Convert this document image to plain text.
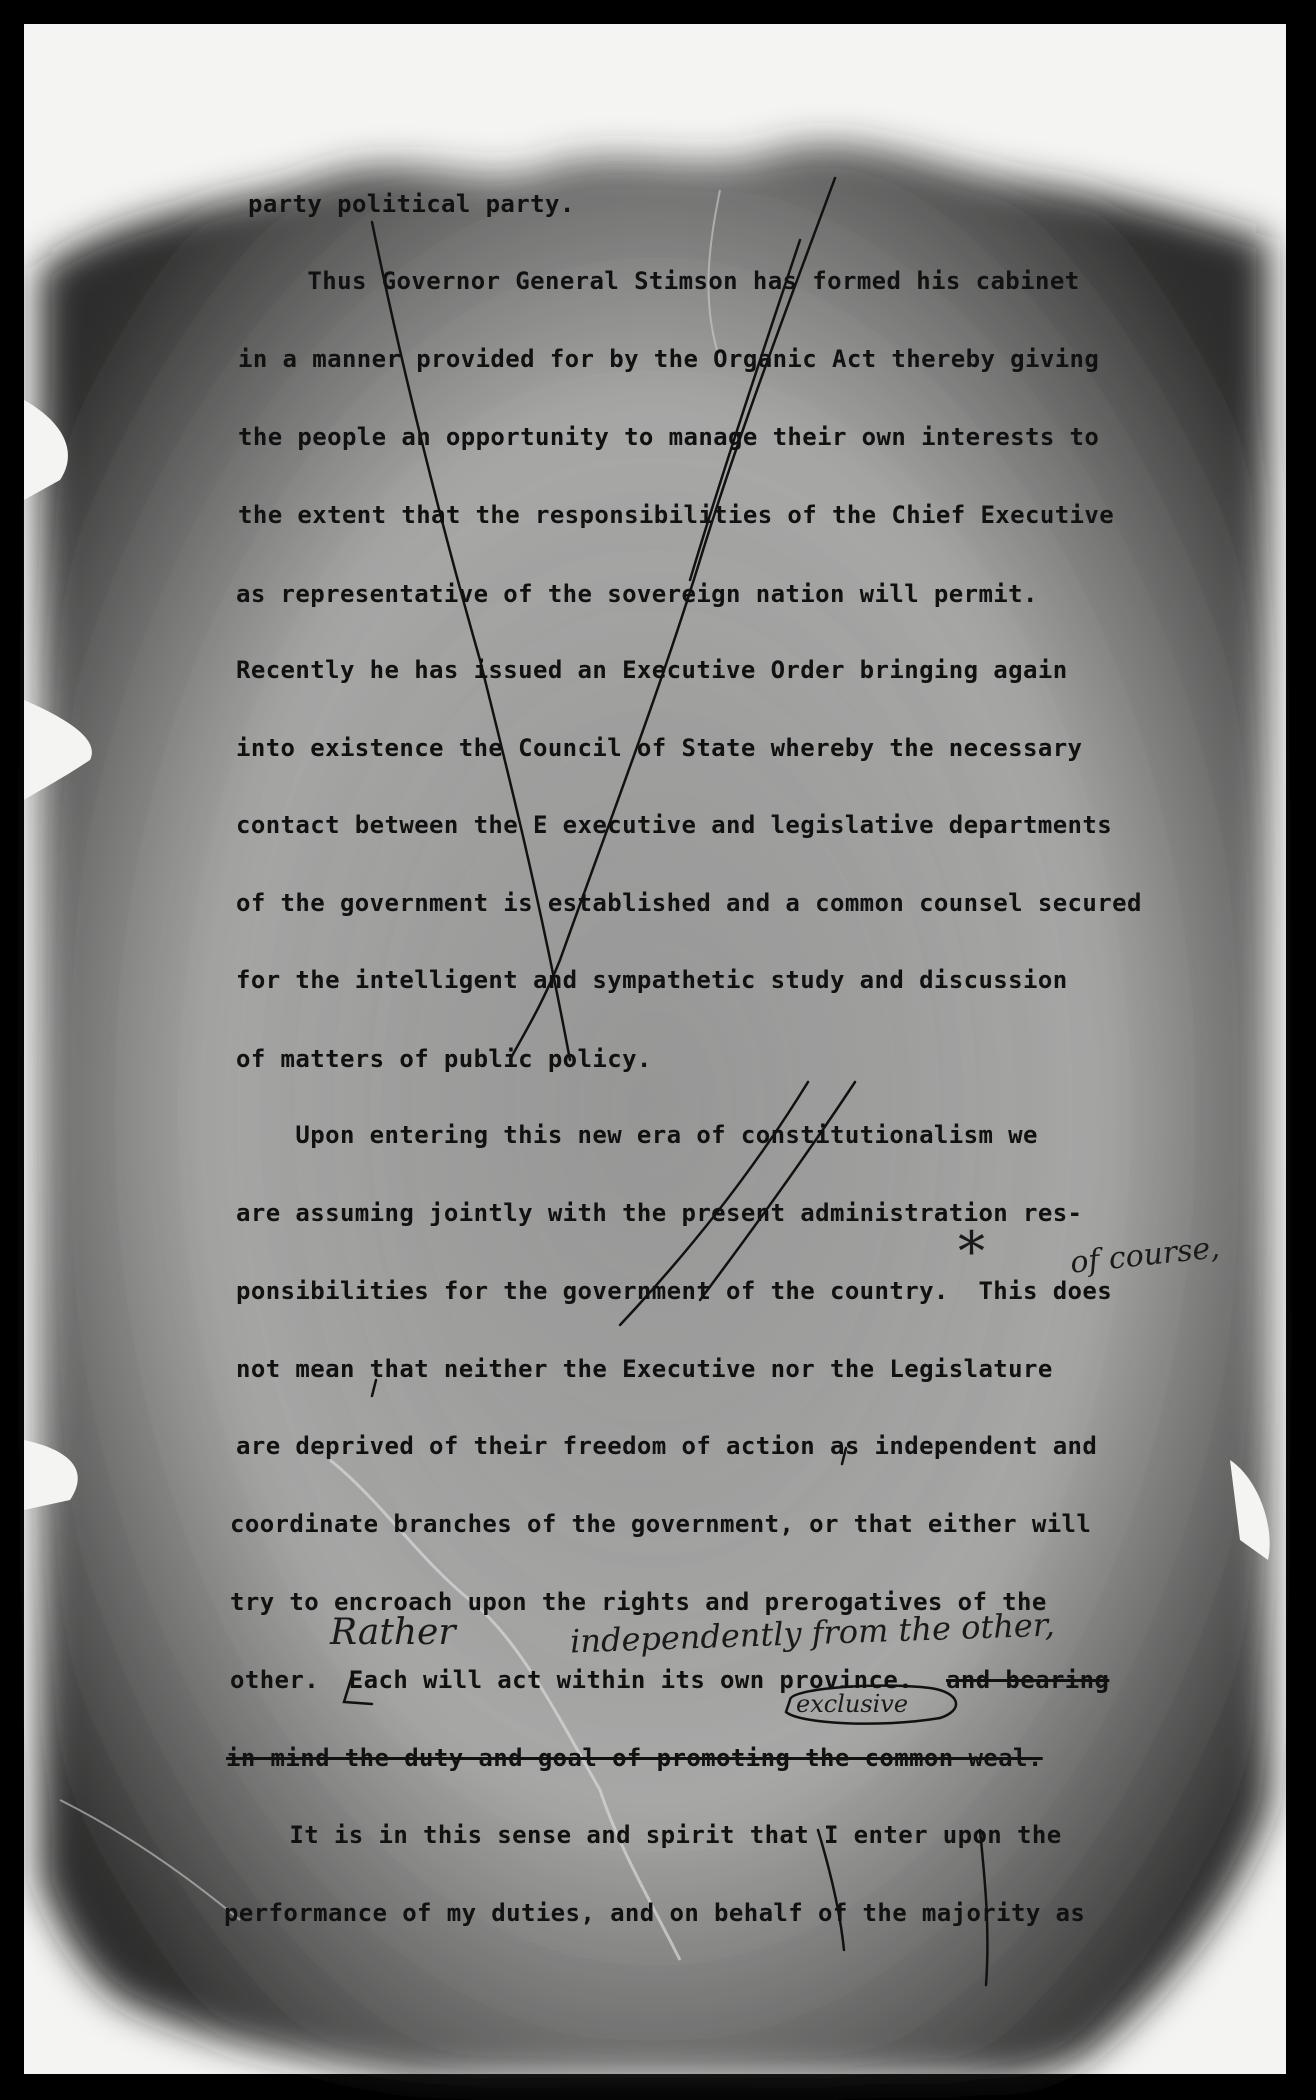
party political party.
Thus Governor General Stimson has formed his cabinet
in a manner provided for by the Organic Act thereby giving
the people an opportunity to manage their own interests to
the extent that the responsibilities of the Chief Executive
as representative of the sovereign nation will permit.
Recently he has issued an Executive Order bringing again
into existence the Council of State whereby the necessary
contact between the E executive and legislative departments
of the government is established and a common counsel secured
for the intelligent and sympathetic study and discussion
of matters of public policy.
Upon entering this new era of constitutionalism we
are assuming jointly with the present administration res-
ponsibilities for the government of the country.  This does
not mean that neither the Executive nor the Legislature
are deprived of their freedom of action as independent and
coordinate branches of the government, or that either will
try to encroach upon the rights and prerogatives of the
other.  Each will act within its own province. and bearing
in mind the duty and goal of promoting the common weal.
It is in this sense and spirit that I enter upon the
performance of my duties, and on behalf of the majority as
*	of course,
Rather	independently from the other,
exclusive
